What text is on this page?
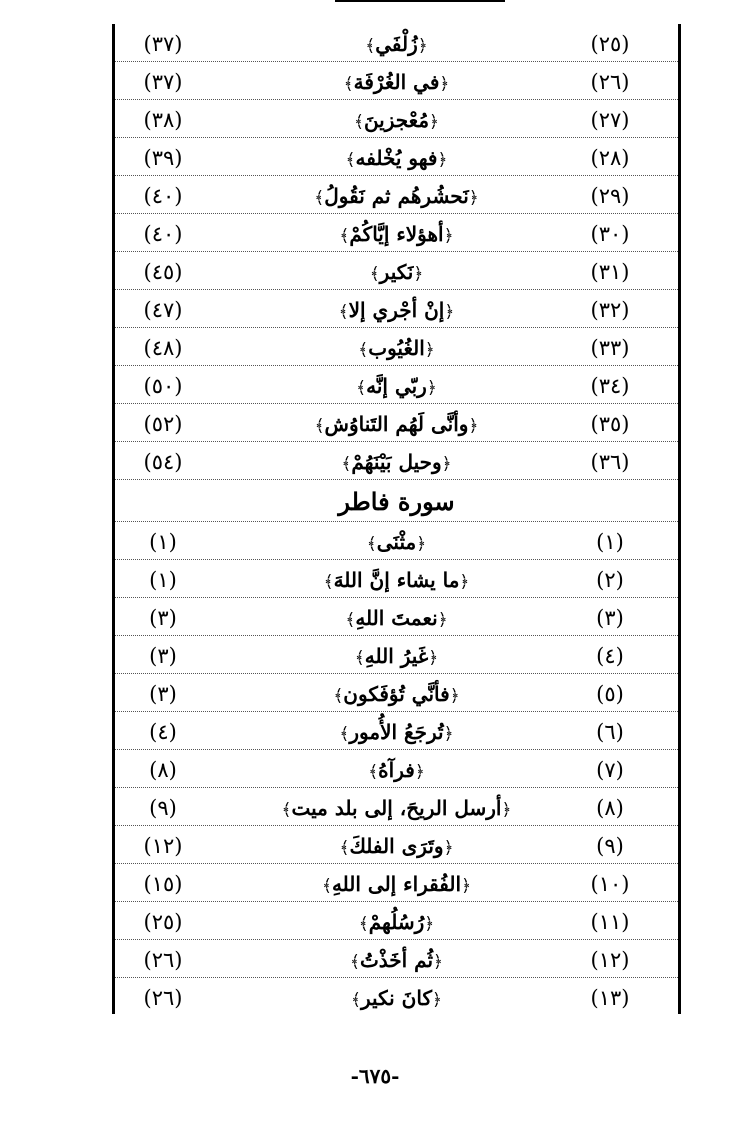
(٢٥)
﴿زُلْفَي﴾
(٣٧)
(٢٦)
﴿في الغُرْفَة﴾
(٣٧)
(٢٧)
﴿مُعْجزينَ﴾
(٣٨)
(٢٨)
﴿فهو يُخْلفه﴾
(٣٩)
(٢٩)
﴿نَحشُرهُم ثم نَقُولُ﴾
(٤٠)
(٣٠)
﴿أهؤلاء إيَّاكُمْ﴾
(٤٠)
(٣١)
﴿نَكير﴾
(٤٥)
(٣٢)
﴿إنْ أجْري إلا﴾
(٤٧)
(٣٣)
﴿الغُيُوب﴾
(٤٨)
(٣٤)
﴿ربّي إنَّه﴾
(٥٠)
(٣٥)
﴿وأنَّى لَهُم التَناوُش﴾
(٥٢)
(٣٦)
﴿وحيل بَيْنَهُمْ﴾
(٥٤)
سورة فاطر
(١)
﴿مثْنَى﴾
(١)
(٢)
﴿ما يشاء إنَّ اللهَ﴾
(١)
(٣)
﴿نعمتَ اللهِ﴾
(٣)
(٤)
﴿غَيرُ اللهِ﴾
(٣)
(٥)
﴿فأنَّي تُؤفَكون﴾
(٣)
(٦)
﴿تُرجَعُ الأُمور﴾
(٤)
(٧)
﴿فرآهُ﴾
(٨)
(٨)
﴿أرسل الريحَ، إلى بلد ميت﴾
(٩)
(٩)
﴿وتَرَى الفلكَ﴾
(١٢)
(١٠)
﴿الفُقراء إلى اللهِ﴾
(١٥)
(١١)
﴿رُسُلُهمْ﴾
(٢٥)
(١٢)
﴿ثُم أخَذْتُ﴾
(٢٦)
(١٣)
﴿كانَ نكير﴾
(٢٦)
-٦٧٥-
